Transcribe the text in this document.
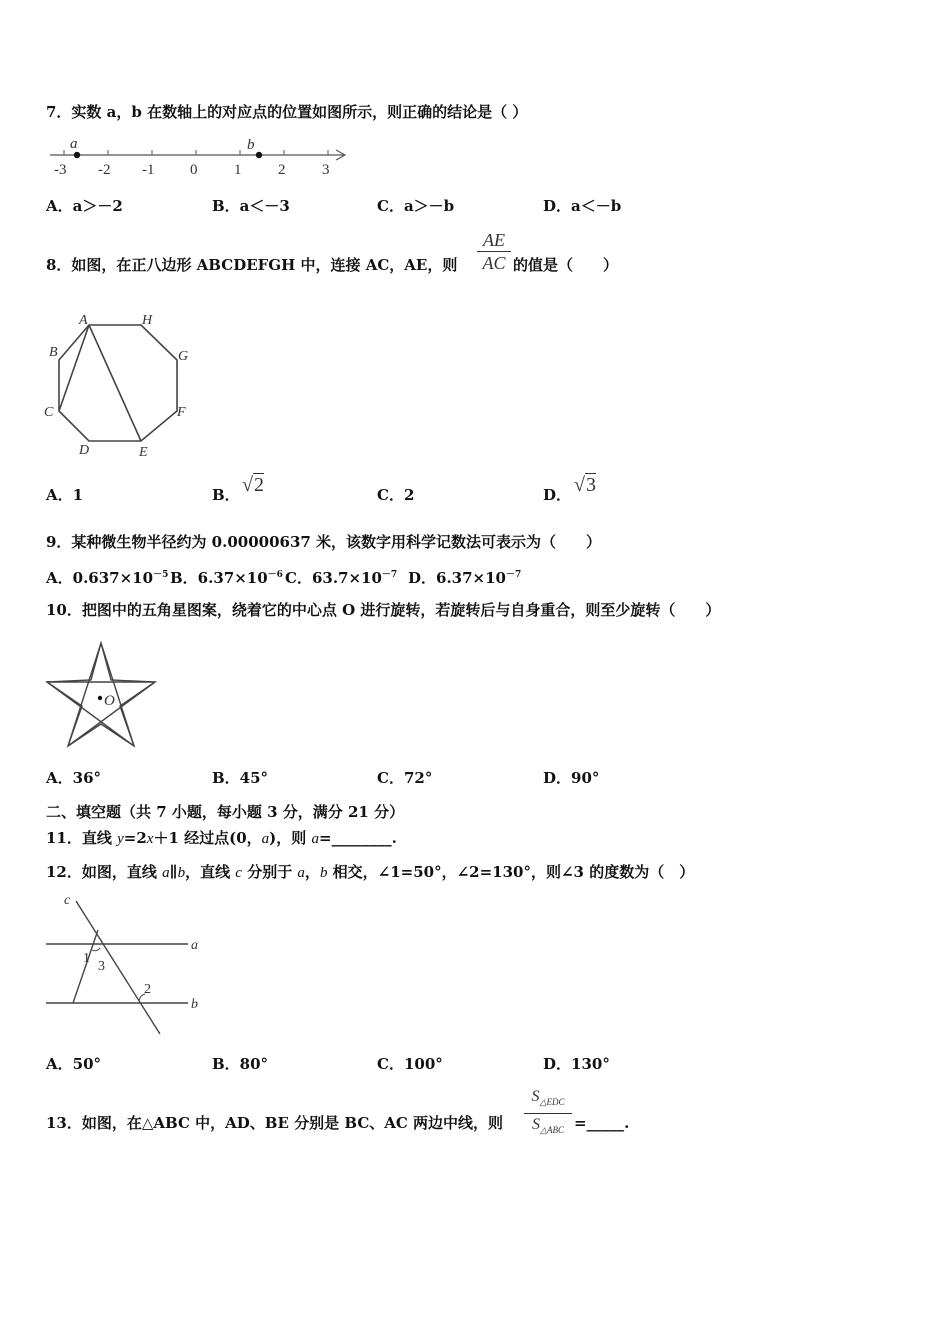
7．实数 a，b 在数轴上的对应点的位置如图所示，则正确的结论是（ ）
-3 -2 -1 0 1 2 3
a	b
A．a＞－2	B．a＜－3	C．a＞－b	D．a＜－b
8．如图，在正八边形 ABCDEFGH 中，连接 AC，AE，则
AE
AC 的值是（　　）
A	H
G
F
E
D
C
B
A．1	B． √2	C．2	D． √3
9．某种微生物半径约为 0.00000637 米，该数字用科学记数法可表示为（　　）
A．$0.637\times 10^{-5}$ B．$6.37\times 10^{-6}$ C．$63.7\times 10^{-7}$ D．$6.37\times 10^{-7}$
10．把图中的五角星图案，绕着它的中心点 O 进行旋转，若旋转后与自身重合，则至少旋转（　　）
O
A．36°	B．45°	C．72°	D．90°
二、填空题（共 7 小题，每小题 3 分，满分 21 分）
11．直线 y=2x＋1 经过点(0，a)，则 a=________.
12．如图，直线 a∥b，直线 c 分别于 a，b 相交，∠1=50°，∠2=130°，则∠3 的度数为（　）
c
a
b
1
3
2
A．50°	B．80°	C．100°	D．130°
13．如图，在△ABC 中，AD、BE 分别是 BC、AC 两边中线，则
$S_{\triangle EDC}$
$S_{\triangle ABC}$ =_____.
